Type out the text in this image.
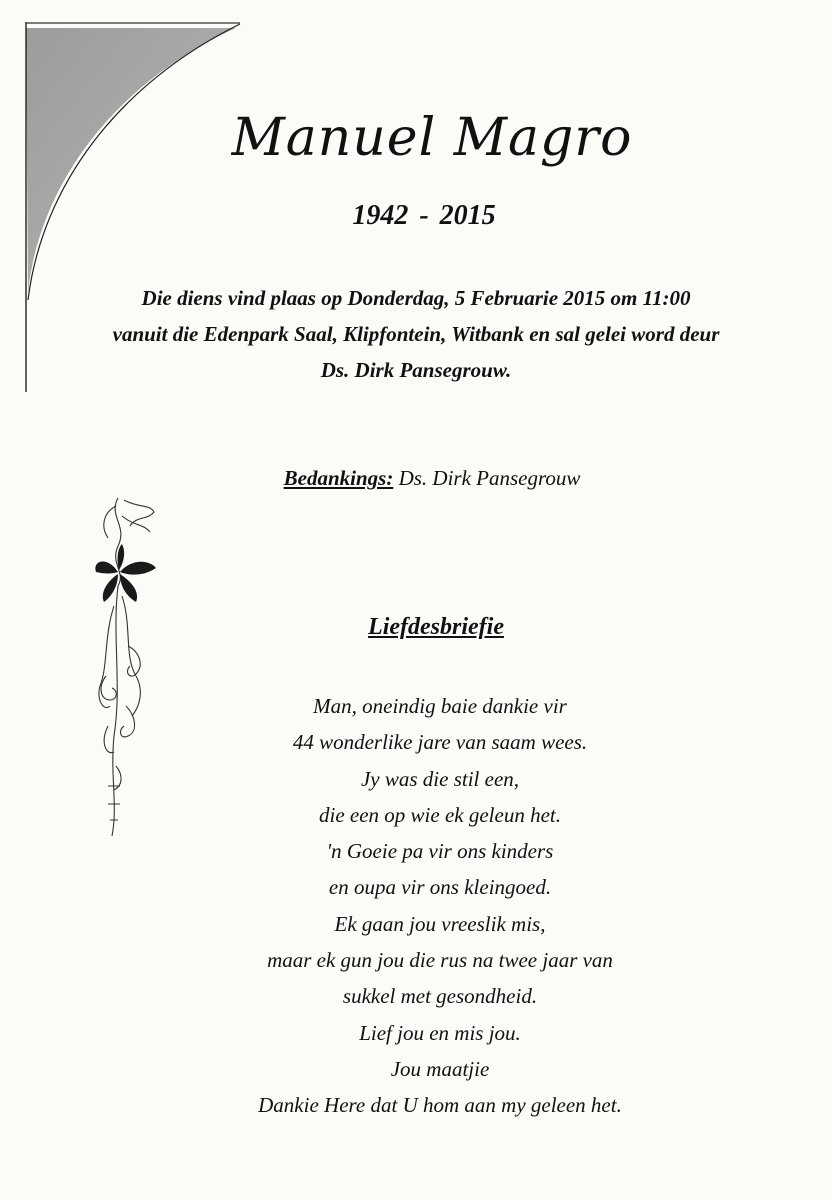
Manuel Magro
1942 - 2015
Die diens vind plaas op Donderdag, 5 Februarie 2015 om 11:00
vanuit die Edenpark Saal, Klipfontein, Witbank en sal gelei word deur
Ds. Dirk Pansegrouw.
Bedankings: Ds. Dirk Pansegrouw
Liefdesbriefie
Man, oneindig baie dankie vir
44 wonderlike jare van saam wees.
Jy was die stil een,
die een op wie ek geleun het.
'n Goeie pa vir ons kinders
en oupa vir ons kleingoed.
Ek gaan jou vreeslik mis,
maar ek gun jou die rus na twee jaar van
sukkel met gesondheid.
Lief jou en mis jou.
Jou maatjie
Dankie Here dat U hom aan my geleen het.
